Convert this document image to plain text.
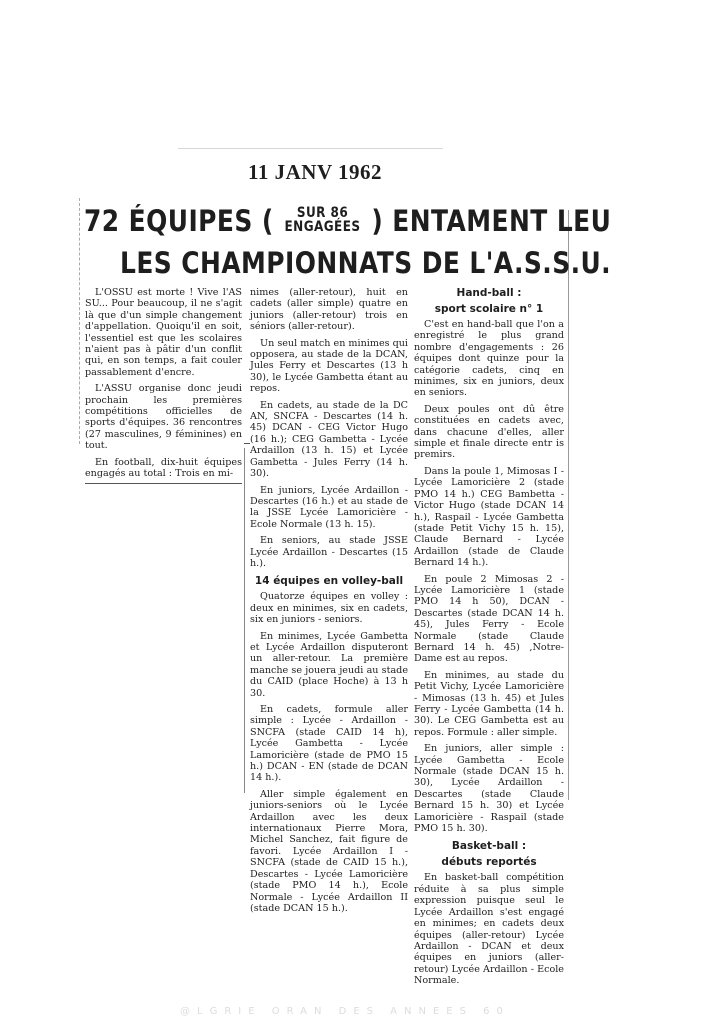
11 JANV 1962
72 ÉQUIPES ( SUR 86
ENGAGÉES ) ENTAMENT LEU
LES CHAMPIONNATS DE L'A.S.S.U.

L'OSSU est morte ! Vive l'AS SU... Pour beaucoup, il ne s'agit là que d'un simple changement d'appellation. Quoiqu'il en soit, l'essentiel est que les scolaires n'aient pas à pâtir d'un conflit qui, en son temps, a fait couler passablement d'encre.

L'ASSU organise donc jeudi prochain les premières compétitions officielles de sports d'équipes. 36 rencontres (27 masculines, 9 féminines) en tout.

En football, dix-huit équipes engagés au total : Trois en mi-

nimes (aller-retour), huit en cadets (aller simple) quatre en juniors (aller-retour) trois en séniors (aller-retour).

Un seul match en minimes qui opposera, au stade de la DCAN, Jules Ferry et Descartes (13 h 30), le Lycée Gambetta étant au repos.

En cadets, au stade de la DC AN, SNCFA - Descartes (14 h. 45) DCAN - CEG Victor Hugo (16 h.); CEG Gambetta - Lycée Ardaillon (13 h. 15) et Lycée Gambetta - Jules Ferry (14 h. 30).

En juniors, Lycée Ardaillon - Descartes (16 h.) et au stade de la JSSE Lycée Lamoricière - Ecole Normale (13 h. 15).

En seniors, au stade JSSE Lycée Ardaillon - Descartes (15 h.).

14 équipes en volley-ball

Quatorze équipes en volley : deux en minimes, six en cadets, six en juniors - seniors.

En minimes, Lycée Gambetta et Lycée Ardaillon disputeront un aller-retour. La première manche se jouera jeudi au stade du CAID (place Hoche) à 13 h 30.

En cadets, formule aller simple : Lycée - Ardaillon - SNCFA (stade CAID 14 h), Lycée Gambetta - Lycée Lamoricière (stade de PMO 15 h.) DCAN - EN (stade de DCAN 14 h.).

Aller simple également en juniors-seniors où le Lycée Ardaillon avec les deux internationaux Pierre Mora, Michel Sanchez, fait figure de favori. Lycée Ardaillon I - SNCFA (stade de CAID 15 h.), Descartes - Lycée Lamoricière (stade PMO 14 h.), Ecole Normale - Lycée Ardaillon II (stade DCAN 15 h.).

Hand-ball :
sport scolaire n° 1

C'est en hand-ball que l'on a enregistré le plus grand nombre d'engagements : 26 équipes dont quinze pour la catégorie cadets, cinq en minimes, six en juniors, deux en seniors.

Deux poules ont dû être constituées en cadets avec, dans chacune d'elles, aller simple et finale directe entr is premirs.

Dans la poule 1, Mimosas I - Lycée Lamoricière 2 (stade PMO 14 h.) CEG Bambetta - Victor Hugo (stade DCAN 14 h.), Raspail - Lycée Gambetta (stade Petit Vichy 15 h. 15), Claude Bernard - Lycée Ardaillon (stade de Claude Bernard 14 h.).

En poule 2 Mimosas 2 - Lycée Lamoricière 1 (stade PMO 14 h 50), DCAN - Descartes (stade DCAN 14 h. 45), Jules Ferry - Ecole Normale (stade Claude Bernard 14 h. 45) ,Notre-Dame est au repos.

En minimes, au stade du Petit Vichy, Lycée Lamoricière - Mimosas (13 h. 45) et Jules Ferry - Lycée Gambetta (14 h. 30). Le CEG Gambetta est au repos. Formule : aller simple.

En juniors, aller simple : Lycée Gambetta - Ecole Normale (stade DCAN 15 h. 30), Lycée Ardaillon - Descartes (stade Claude Bernard 15 h. 30) et Lycée Lamoricière - Raspail (stade PMO 15 h. 30).

Basket-ball :
débuts reportés

En basket-ball compétition réduite à sa plus simple expression puisque seul le Lycée Ardaillon s'est engagé en minimes; en cadets deux équipes (aller-retour) Lycée Ardaillon - DCAN et deux équipes en juniors (aller-retour) Lycée Ardaillon - Ecole Normale.

@LGRIE ORAN DES ANNEES 60
